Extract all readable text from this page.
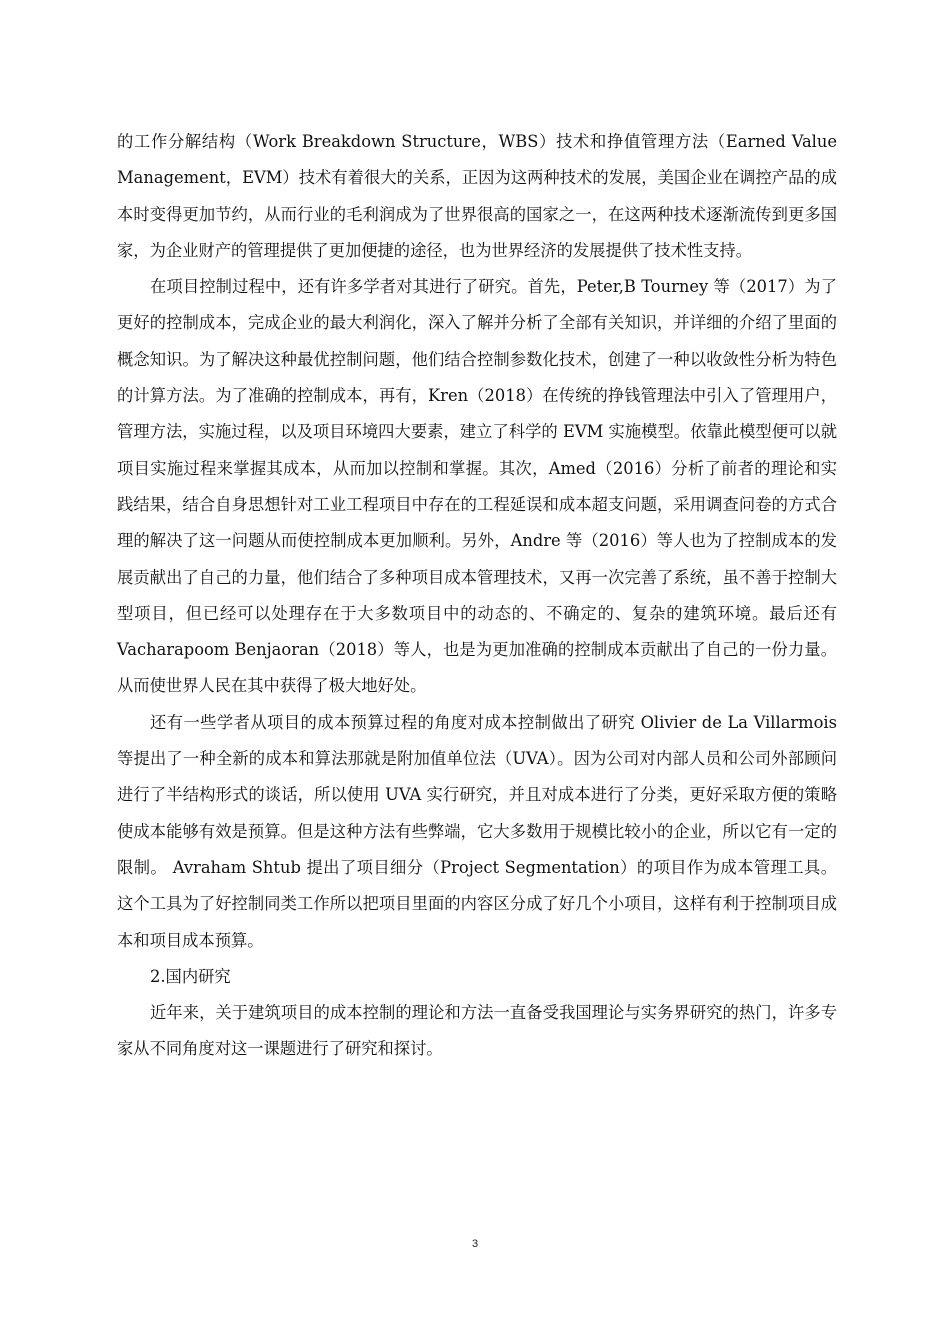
的工作分解结构（Work Breakdown Structure，WBS）技术和挣值管理方法（Earned Value Management，EVM）技术有着很大的关系，正因为这两种技术的发展，美国企业在调控产品的成本时变得更加节约，从而行业的毛利润成为了世界很高的国家之一，在这两种技术逐渐流传到更多国家，为企业财产的管理提供了更加便捷的途径，也为世界经济的发展提供了技术性支持。

在项目控制过程中，还有许多学者对其进行了研究。首先，Peter,B Tourney 等（2017）为了更好的控制成本，完成企业的最大利润化，深入了解并分析了全部有关知识，并详细的介绍了里面的概念知识。为了解决这种最优控制问题，他们结合控制参数化技术，创建了一种以收敛性分析为特色的计算方法。为了准确的控制成本，再有，Kren（2018）在传统的挣钱管理法中引入了管理用户，管理方法，实施过程，以及项目环境四大要素，建立了科学的 EVM 实施模型。依靠此模型便可以就项目实施过程来掌握其成本，从而加以控制和掌握。其次，Amed（2016）分析了前者的理论和实践结果，结合自身思想针对工业工程项目中存在的工程延误和成本超支问题，采用调查问卷的方式合理的解决了这一问题从而使控制成本更加顺利。另外，Andre 等（2016）等人也为了控制成本的发展贡献出了自己的力量，他们结合了多种项目成本管理技术，又再一次完善了系统，虽不善于控制大型项目，但已经可以处理存在于大多数项目中的动态的、不确定的、复杂的建筑环境。最后还有 Vacharapoom Benjaoran（2018）等人，也是为更加准确的控制成本贡献出了自己的一份力量。从而使世界人民在其中获得了极大地好处。

还有一些学者从项目的成本预算过程的角度对成本控制做出了研究 Olivier de La Villarmois 等提出了一种全新的成本和算法那就是附加值单位法（UVA）。因为公司对内部人员和公司外部顾问进行了半结构形式的谈话，所以使用 UVA 实行研究，并且对成本进行了分类，更好采取方便的策略使成本能够有效是预算。但是这种方法有些弊端，它大多数用于规模比较小的企业，所以它有一定的限制。 Avraham Shtub 提出了项目细分（Project Segmentation）的项目作为成本管理工具。这个工具为了好控制同类工作所以把项目里面的内容区分成了好几个小项目，这样有利于控制项目成本和项目成本预算。

2.国内研究

近年来，关于建筑项目的成本控制的理论和方法一直备受我国理论与实务界研究的热门，许多专家从不同角度对这一课题进行了研究和探讨。

3
